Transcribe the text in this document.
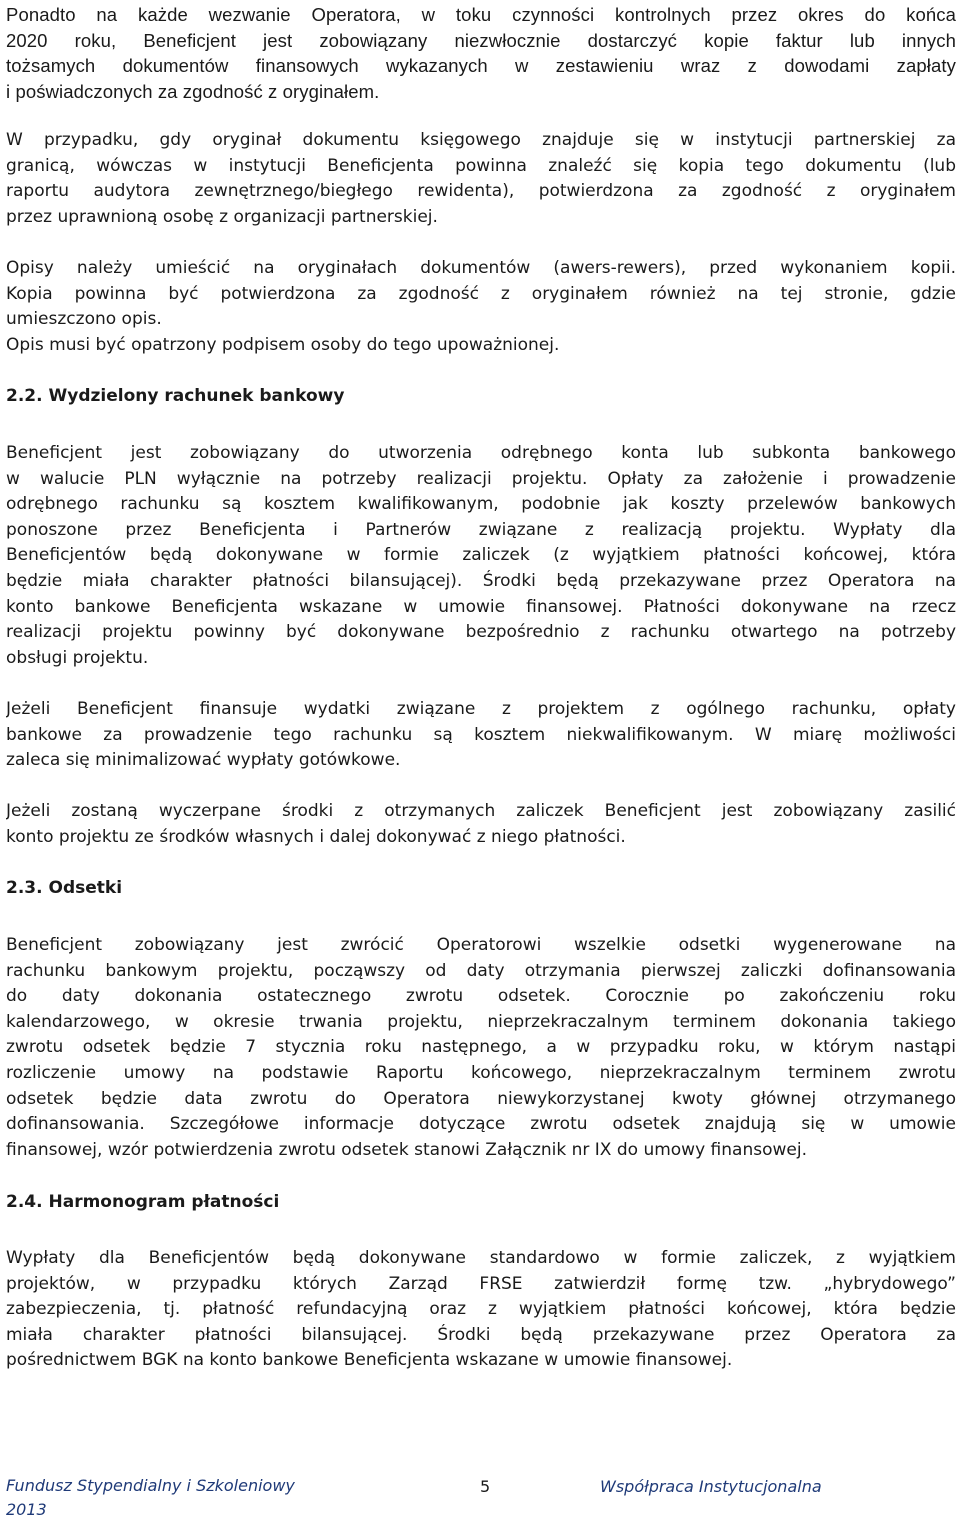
Ponadto na każde wezwanie Operatora, w toku czynności kontrolnych przez okres do końca
2020 roku, Beneficjent jest zobowiązany niezwłocznie dostarczyć kopie faktur lub innych
tożsamych dokumentów finansowych wykazanych w zestawieniu wraz z dowodami zapłaty
i poświadczonych za zgodność z oryginałem.
W przypadku, gdy oryginał dokumentu księgowego znajduje się w instytucji partnerskiej za
granicą, wówczas w instytucji Beneficjenta powinna znaleźć się kopia tego dokumentu (lub
raportu audytora zewnętrznego/biegłego rewidenta), potwierdzona za zgodność z oryginałem
przez uprawnioną osobę z organizacji partnerskiej.
Opisy należy umieścić na oryginałach dokumentów (awers-rewers), przed wykonaniem kopii.
Kopia powinna być potwierdzona za zgodność z oryginałem również na tej stronie, gdzie
umieszczono opis.
Opis musi być opatrzony podpisem osoby do tego upoważnionej.
2.2. Wydzielony rachunek bankowy
Beneficjent jest zobowiązany do utworzenia odrębnego konta lub subkonta bankowego
w walucie PLN wyłącznie na potrzeby realizacji projektu. Opłaty za założenie i prowadzenie
odrębnego rachunku są kosztem kwalifikowanym, podobnie jak koszty przelewów bankowych
ponoszone przez Beneficjenta i Partnerów związane z realizacją projektu. Wypłaty dla
Beneficjentów będą dokonywane w formie zaliczek (z wyjątkiem płatności końcowej, która
będzie miała charakter płatności bilansującej). Środki będą przekazywane przez Operatora na
konto bankowe Beneficjenta wskazane w umowie finansowej. Płatności dokonywane na rzecz
realizacji projektu powinny być dokonywane bezpośrednio z rachunku otwartego na potrzeby
obsługi projektu.
Jeżeli Beneficjent finansuje wydatki związane z projektem z ogólnego rachunku, opłaty
bankowe za prowadzenie tego rachunku są kosztem niekwalifikowanym. W miarę możliwości
zaleca się minimalizować wypłaty gotówkowe.
Jeżeli zostaną wyczerpane środki z otrzymanych zaliczek Beneficjent jest zobowiązany zasilić
konto projektu ze środków własnych i dalej dokonywać z niego płatności.
2.3. Odsetki
Beneficjent zobowiązany jest zwrócić Operatorowi wszelkie odsetki wygenerowane na
rachunku bankowym projektu, począwszy od daty otrzymania pierwszej zaliczki dofinansowania
do daty dokonania ostatecznego zwrotu odsetek. Corocznie po zakończeniu roku
kalendarzowego, w okresie trwania projektu, nieprzekraczalnym terminem dokonania takiego
zwrotu odsetek będzie 7 stycznia roku następnego, a w przypadku roku, w którym nastąpi
rozliczenie umowy na podstawie Raportu końcowego, nieprzekraczalnym terminem zwrotu
odsetek będzie data zwrotu do Operatora niewykorzystanej kwoty głównej otrzymanego
dofinansowania. Szczegółowe informacje dotyczące zwrotu odsetek znajdują się w umowie
finansowej, wzór potwierdzenia zwrotu odsetek stanowi Załącznik nr IX do umowy finansowej.
2.4. Harmonogram płatności
Wypłaty dla Beneficjentów będą dokonywane standardowo w formie zaliczek, z wyjątkiem
projektów, w przypadku których Zarząd FRSE zatwierdził formę tzw. „hybrydowego”
zabezpieczenia, tj. płatność refundacyjną oraz z wyjątkiem płatności końcowej, która będzie
miała charakter płatności bilansującej. Środki będą przekazywane przez Operatora za
pośrednictwem BGK na konto bankowe Beneficjenta wskazane w umowie finansowej.
Fundusz Stypendialny i Szkoleniowy
2013
5	Współpraca Instytucjonalna
